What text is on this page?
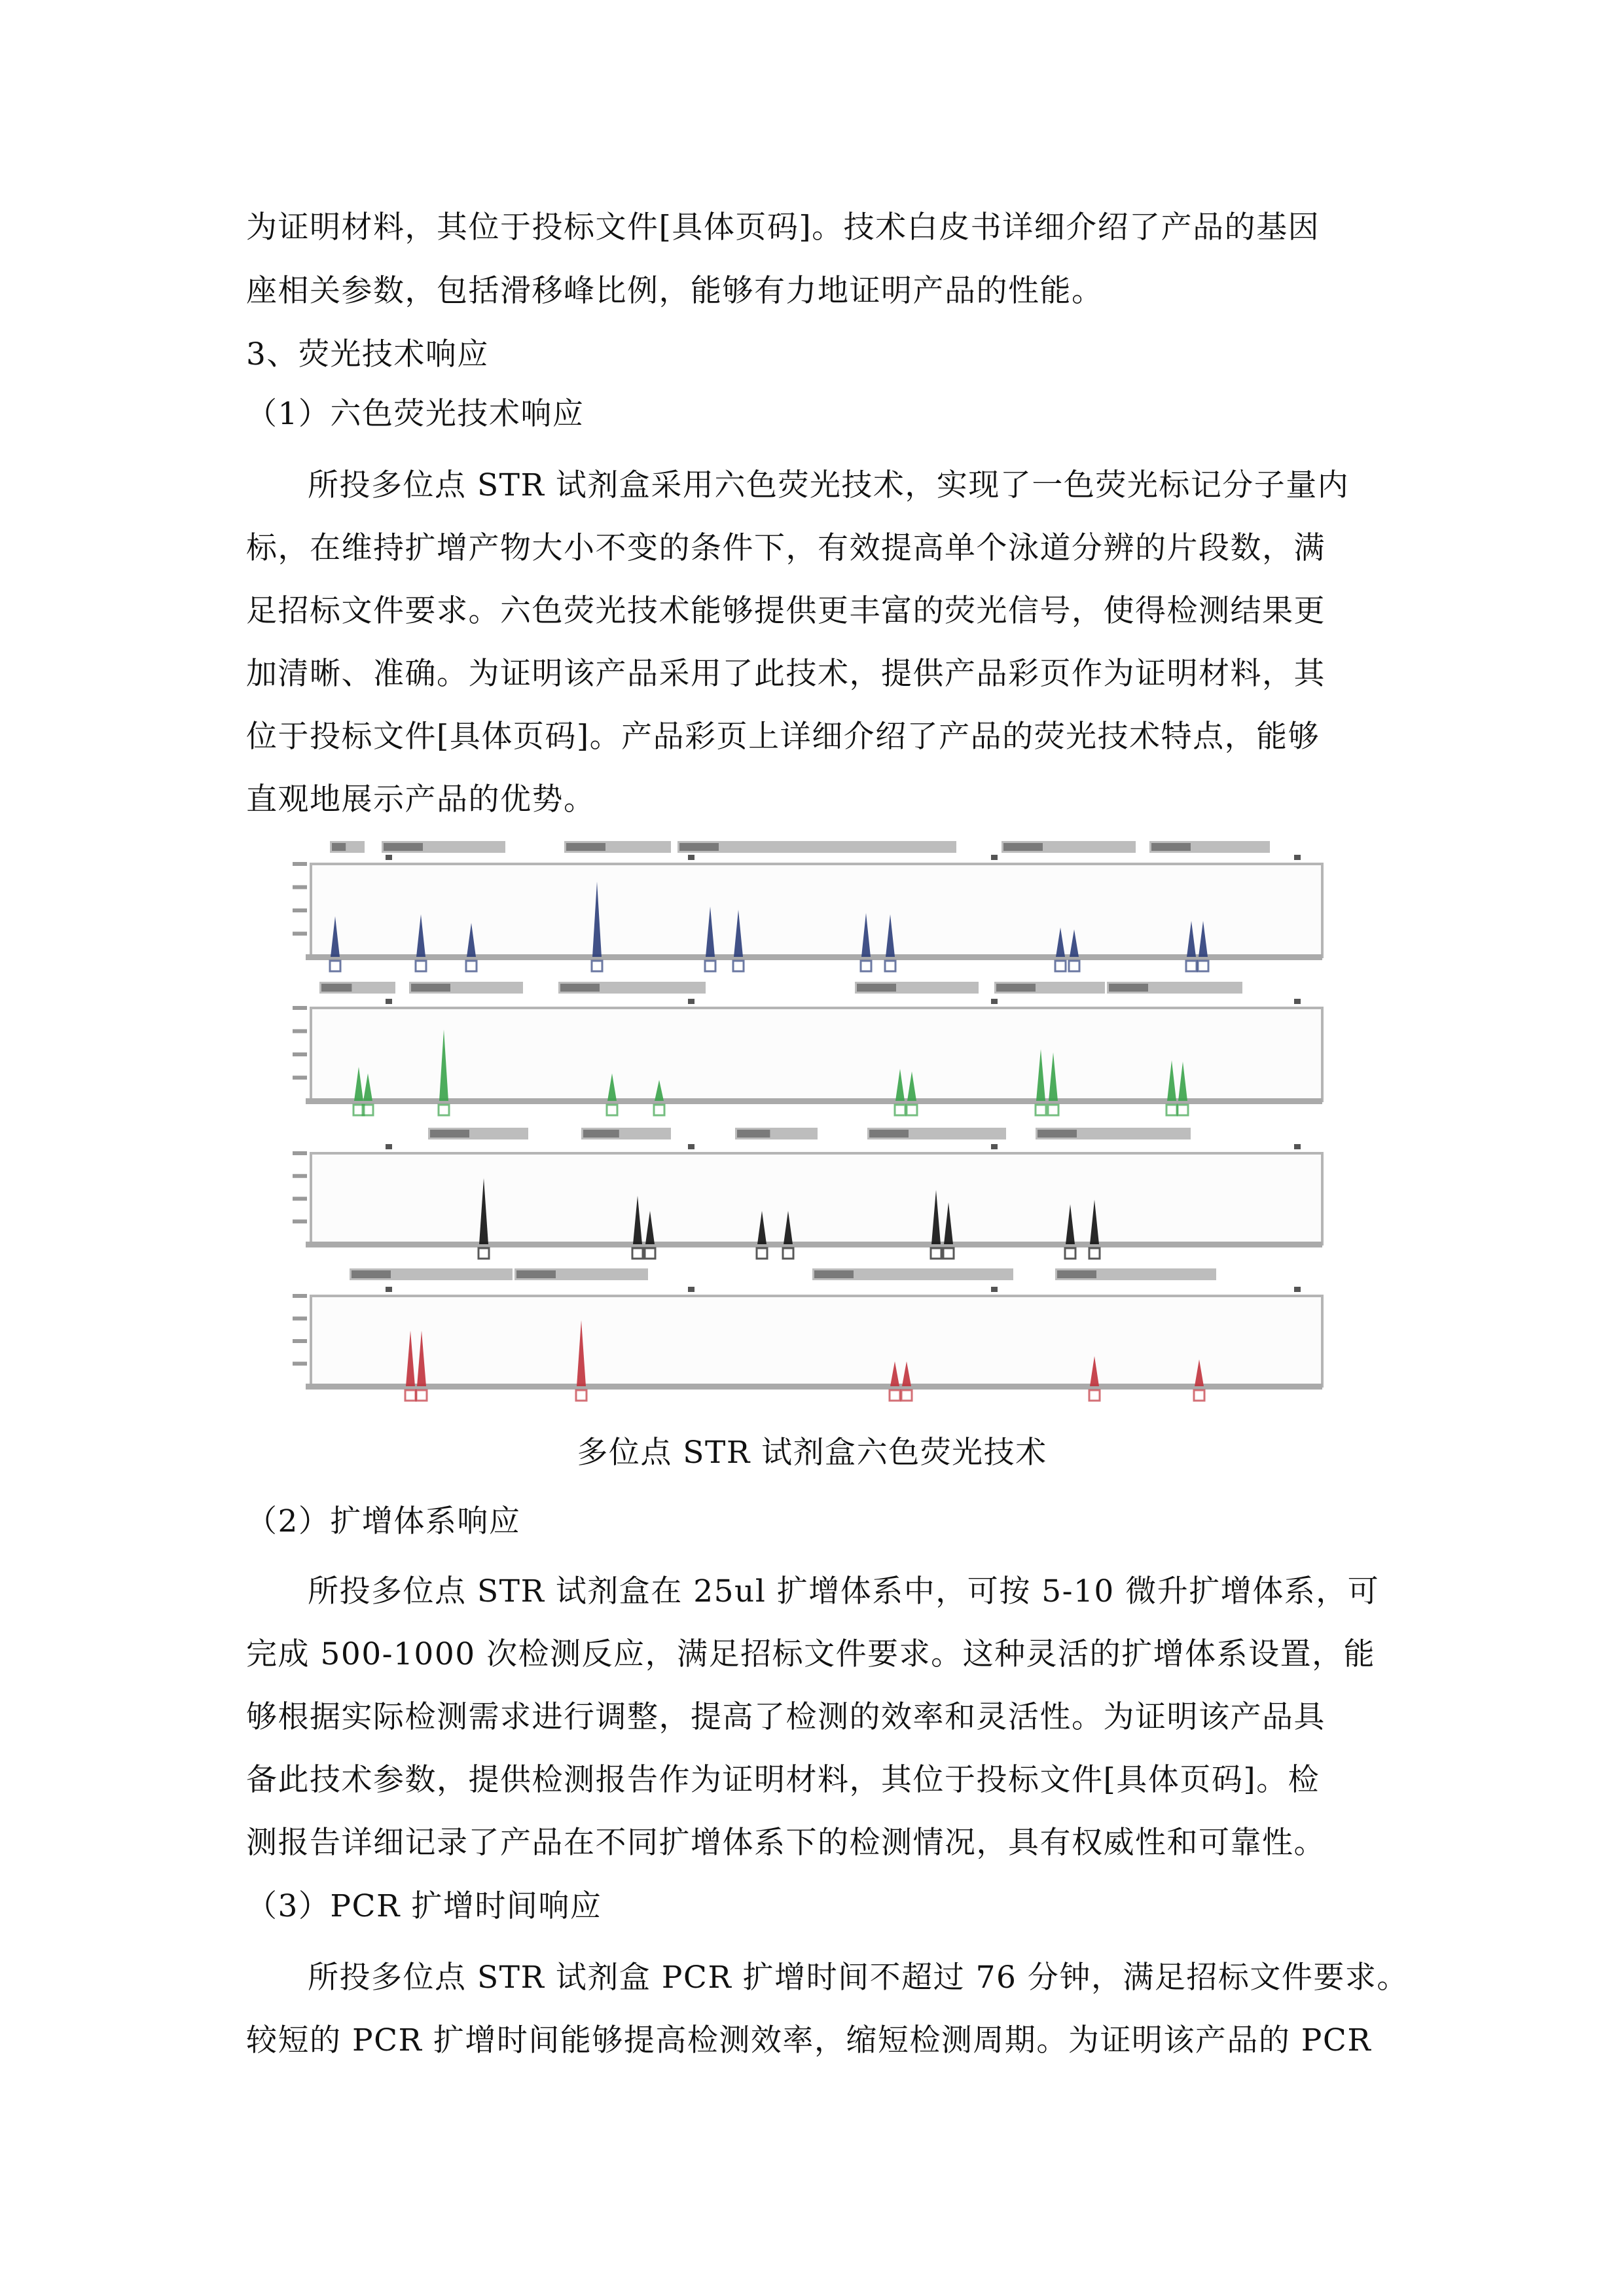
为证明材料，其位于投标文件[具体页码]。技术白皮书详细介绍了产品的基因
座相关参数，包括滑移峰比例，能够有力地证明产品的性能。
3、荧光技术响应
（1）六色荧光技术响应
所投多位点 STR 试剂盒采用六色荧光技术，实现了一色荧光标记分子量内
标，在维持扩增产物大小不变的条件下，有效提高单个泳道分辨的片段数，满
足招标文件要求。六色荧光技术能够提供更丰富的荧光信号，使得检测结果更
加清晰、准确。为证明该产品采用了此技术，提供产品彩页作为证明材料，其
位于投标文件[具体页码]。产品彩页上详细介绍了产品的荧光技术特点，能够
直观地展示产品的优势。
多位点 STR 试剂盒六色荧光技术
（2）扩增体系响应
所投多位点 STR 试剂盒在 25ul 扩增体系中，可按 5-10 微升扩增体系，可
完成 500-1000 次检测反应，满足招标文件要求。这种灵活的扩增体系设置，能
够根据实际检测需求进行调整，提高了检测的效率和灵活性。为证明该产品具
备此技术参数，提供检测报告作为证明材料，其位于投标文件[具体页码]。检
测报告详细记录了产品在不同扩增体系下的检测情况，具有权威性和可靠性。
（3）PCR 扩增时间响应
所投多位点 STR 试剂盒 PCR 扩增时间不超过 76 分钟，满足招标文件要求。
较短的 PCR 扩增时间能够提高检测效率，缩短检测周期。为证明该产品的 PCR
